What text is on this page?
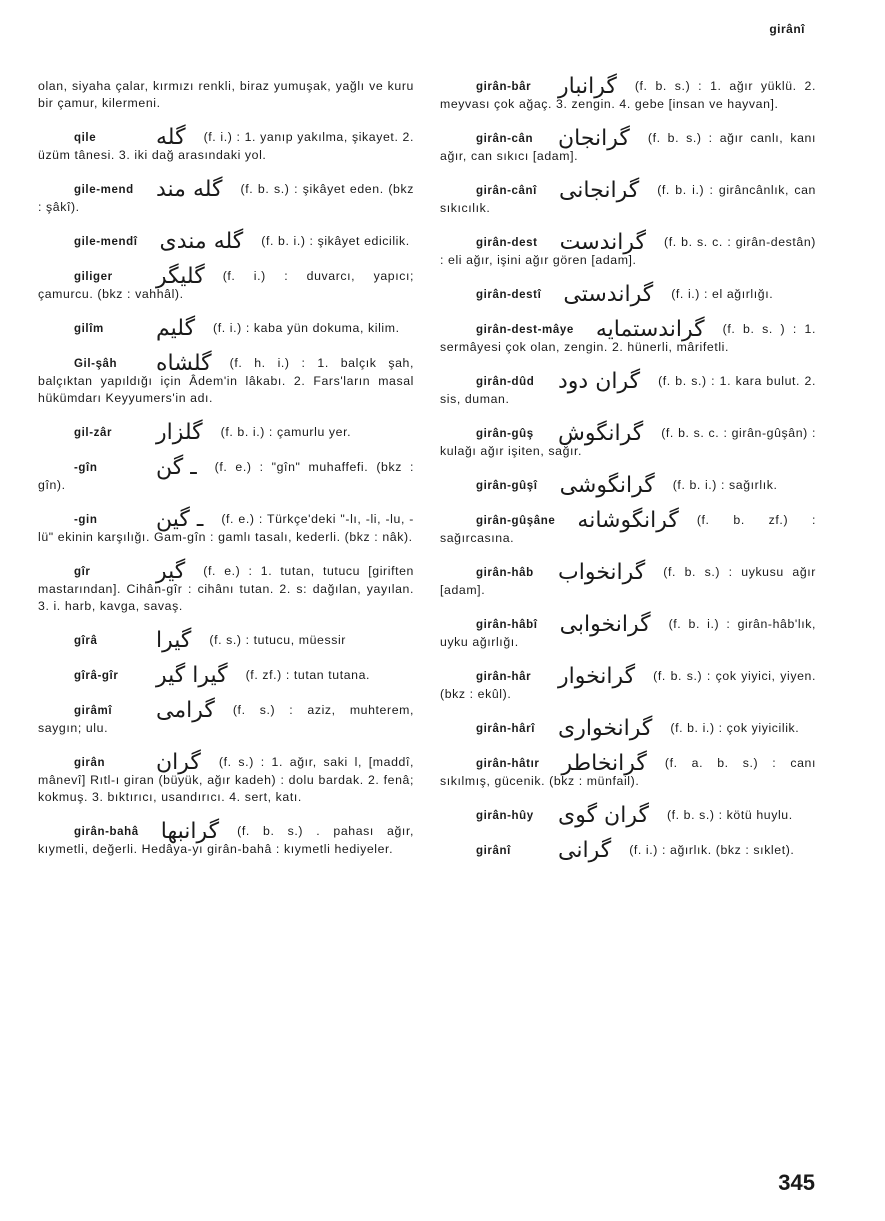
girânî

olan, siyaha çalar, kırmızı renkli, biraz yumuşak, yağlı ve kuru bir çamur, kilermeni.

qile	گله (f. i.) : 1. yanıp yakılma, şikayet. 2. üzüm tânesi. 3. iki dağ arasındaki yol.

gile-mend گله مند (f. b. s.) : şikâyet eden. (bkz : şâkî).

gile-mendî گله مندی (f. b. i.) : şikâyet edicilik.

giliger گلیگر (f. i.) : duvarcı, yapıcı; çamurcu. (bkz : vahhâl).

gilîm گلیم (f. i.) : kaba yün dokuma, kilim.

Gil-şâh گلشاه (f. h. i.) : 1. balçık şah, balçıktan yapıldığı için Âdem'in lâkabı. 2. Fars'ların masal hükümdarı Keyyumers'in adı.

gil-zâr گلزار (f. b. i.) : çamurlu yer.

-gîn	ـ گن (f. e.) : "gîn" muhaffefi. (bkz : gîn).

-gin	ـ گین (f. e.) : Türkçe'deki "-lı, -li, -lu, -lü" ekinin karşılığı. Gam-gîn : gamlı tasalı, kederli. (bkz : nâk).

gîr	گیر (f. e.) : 1. tutan, tutucu [giriften mastarından]. Cihân-gîr : cihânı tutan. 2. s: dağılan, yayılan. 3. i. harb, kavga, savaş.

gîrâ	گیرا (f. s.) : tutucu, müessir

gîrâ-gîr گیرا گیر (f. zf.) : tutan tutana.

girâmî گرامی (f. s.) : aziz, muhterem, saygın; ulu.

girân گران (f. s.) : 1. ağır, saki l, [maddî, mânevî] Rıtl-ı giran (büyük, ağır kadeh) : dolu bardak. 2. fenâ; kokmuş. 3. bıktırıcı, usandırıcı. 4. sert, katı.

girân-bahâ گرانبها (f. b. s.) . pahası ağır, kıymetli, değerli. Hedâya-yı girân-bahâ : kıymetli hediyeler.

girân-bâr گرانبار (f. b. s.) : 1. ağır yüklü. 2. meyvası çok ağaç. 3. zengin. 4. gebe [insan ve hayvan].

girân-cân گرانجان (f. b. s.) : ağır canlı, kanı ağır, can sıkıcı [adam].

girân-cânî گرانجانی (f. b. i.) : girâncânlık, can sıkıcılık.

girân-dest گراندست (f. b. s. c. : girân-destân) : eli ağır, işini ağır gören [adam].

girân-destî گراندستی (f. i.) : el ağırlığı.

girân-dest-mâye گراندستمایه (f. b. s. ) : 1. sermâyesi çok olan, zengin. 2. hünerli, mârifetli.

girân-dûd گران دود (f. b. s.) : 1. kara bulut. 2. sis, duman.

girân-gûş گرانگوش (f. b. s. c. : girân-gûşân) : kulağı ağır işiten, sağır.

girân-gûşî گرانگوشی (f. b. i.) : sağırlık.

girân-gûşâne گرانگوشانه (f. b. zf.) : sağırcasına.

girân-hâb گرانخواب (f. b. s.) : uykusu ağır [adam].

girân-hâbî گرانخوابی (f. b. i.) : girân-hâb'lık, uyku ağırlığı.

girân-hâr گرانخوار (f. b. s.) : çok yiyici, yiyen. (bkz : ekûl).

girân-hârî گرانخواری (f. b. i.) : çok yiyicilik.

girân-hâtır گرانخاطر (f. a. b. s.) : canı sıkılmış, gücenik. (bkz : münfail).

girân-hûy گران گوی (f. b. s.) : kötü huylu.

girânî گرانی (f. i.) : ağırlık. (bkz : sıklet).

345
